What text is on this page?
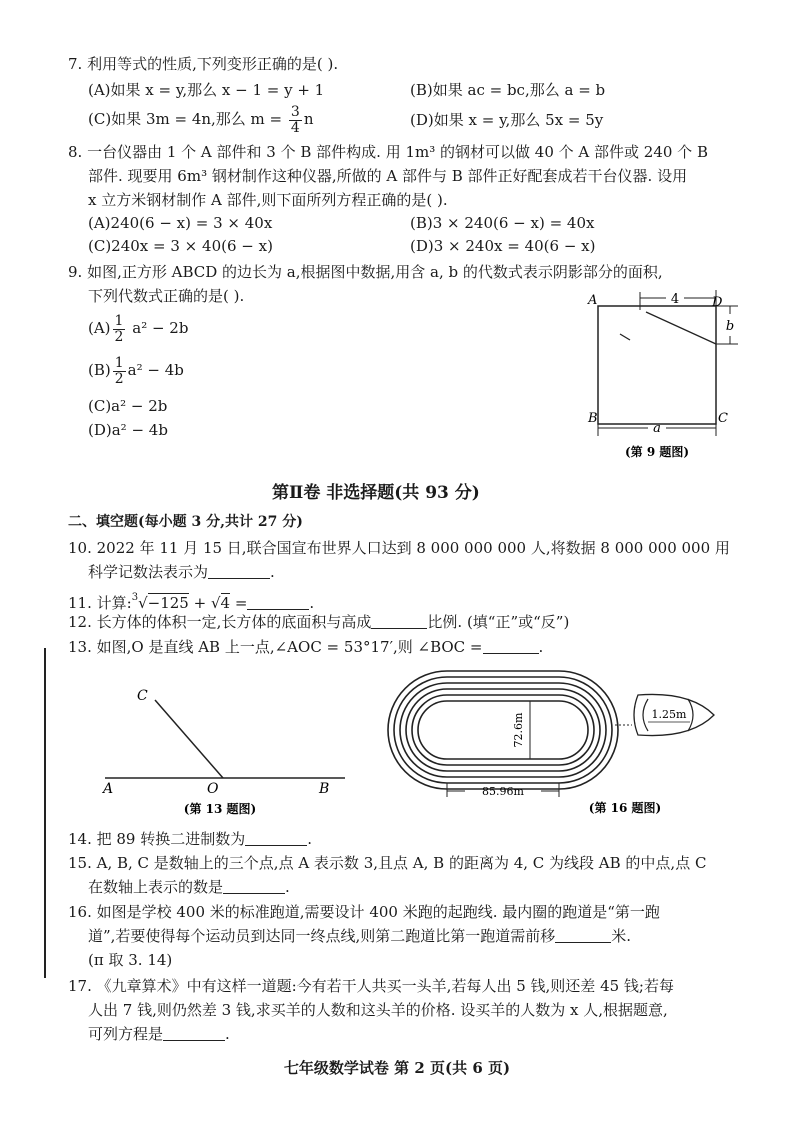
7. 利用等式的性质,下列变形正确的是( ).
(A)如果 x = y,那么 x − 1 = y + 1	(B)如果 ac = bc,那么 a = b
(C)如果 3m = 4n,那么 $m = \frac{3}{4}$ n	(D)如果 x = y,那么 5x = 5y
8. 一台仪器由 1 个 A 部件和 3 个 B 部件构成. 用 1m³ 的钢材可以做 40 个 A 部件或 240 个 B
部件. 现要用 6m³ 钢材制作这种仪器,所做的 A 部件与 B 部件正好配套成若干台仪器. 设用
x 立方米钢材制作 A 部件,则下面所列方程正确的是( ).
(A)240(6 − x) = 3 × 40x	(B)3 × 240(6 − x) = 40x
(C)240x = 3 × 40(6 − x)	(D)3 × 240x = 40(6 − x)
9. 如图,正方形 ABCD 的边长为 a,根据图中数据,用含 a, b 的代数式表示阴影部分的面积,
下列代数式正确的是( ).
$(A) \frac{1}{2} a^2 - 2b$
$(B) \frac{1}{2} a^2 - 4b$
(C)a² − 2b
(D)a² − 4b
4
b
a
A	D
B	C
(第 9 题图)
第Ⅱ卷 非选择题(共 93 分)
二、填空题(每小题 3 分,共计 27 分)
10. 2022 年 11 月 15 日,联合国宣布世界人口达到 8 000 000 000 人,将数据 8 000 000 000 用
科学记数法表示为	.
11. 计算:$^3$√−125 + √4 =	.
12. 长方体的体积一定,长方体的底面积与高成	比例. (填“正”或“反”)
13. 如图,O 是直线 AB 上一点,∠AOC = 53°17′,则 ∠BOC =	.
C
A	O	B
(第 13 题图)
72.6m
85.96m
1.25m
(第 16 题图)
14. 把 89 转换二进制数为	.
15. A, B, C 是数轴上的三个点,点 A 表示数 3,且点 A, B 的距离为 4, C 为线段 AB 的中点,点 C
在数轴上表示的数是	.
16. 如图是学校 400 米的标准跑道,需要设计 400 米跑的起跑线. 最内圈的跑道是“第一跑
道”,若要使得每个运动员到达同一终点线,则第二跑道比第一跑道需前移	米.
(π 取 3. 14)
17. 《九章算术》中有这样一道题:今有若干人共买一头羊,若每人出 5 钱,则还差 45 钱;若每
人出 7 钱,则仍然差 3 钱,求买羊的人数和这头羊的价格. 设买羊的人数为 x 人,根据题意,
可列方程是	.
七年级数学试卷 第 2 页(共 6 页)
